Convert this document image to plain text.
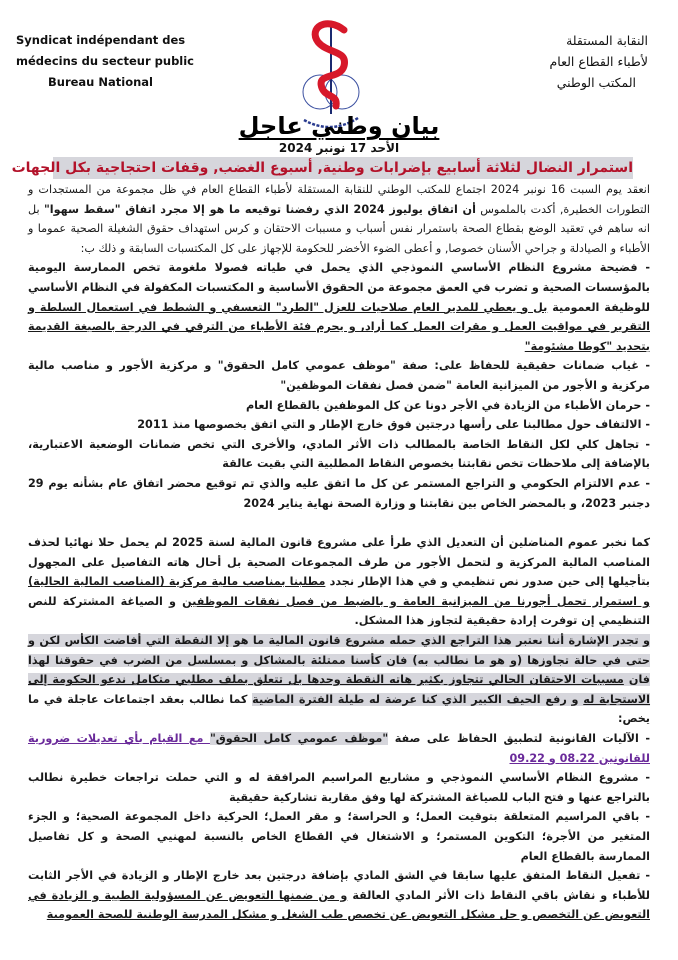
Syndicat indépendant des
médecins du secteur public
Bureau National
النقابة المستقلة
لأطباء القطاع العام
المكتب الوطني
بيان وطني عاجل
الأحد 17 نونبر 2024
استمرار النضال لثلاثة أسابيع بإضرابات وطنية, أسبوع الغضب, وقفات احتجاجية بكل الجهات

انعقد يوم السبت 16 نونبر 2024 اجتماع للمكتب الوطني للنقابة المستقلة لأطباء القطاع العام في ظل مجموعة من المستجدات و التطورات الخطيرة, أكدت بالملموس أن اتفاق يوليوز 2024 الذي رفضنا توقيعه ما هو إلا مجرد اتفاق "سقط سهوا" بل انه ساهم في تعقيد الوضع بقطاع الصحة باستمرار نفس أسباب و مسببات الاحتقان و كرس استهداف حقوق الشغيلة الصحية عموما و الأطباء و الصيادلة و جراحي الأسنان خصوصا, و أعطى الضوء الأخضر للحكومة للإجهاز على كل المكتسبات السابقة و ذلك ب:

- فضيحة مشروع النظام الأساسي النموذجي الذي يحمل في طياته فصولا ملغومة تخص الممارسة اليومية بالمؤسسات الصحية و تضرب في العمق مجموعة من الحقوق الأساسية و المكتسبات المكفولة في النظام الأساسي للوظيفة العمومية بل و يعطي للمدير العام صلاحيات للعزل "الطرد" التعسفي و الشطط في استعمال السلطة و التقرير في مواقيت العمل و مقرات العمل كما أراد, و يحرم فئة الأطباء من الترقي في الدرجة بالصيغة القديمة بتحديد "كوطا مشئومة"

- غياب ضمانات حقيقية للحفاظ على: صفة "موظف عمومي كامل الحقوق" و مركزية الأجور و مناصب مالية مركزية و الأجور من الميزانية العامة "ضمن فصل نفقات الموظفين"

- حرمان الأطباء من الزيادة في الأجر دونا عن كل الموظفين بالقطاع العام

- الالتفاف حول مطالبنا على رأسها درجتين فوق خارج الإطار و التي اتفق بخصوصها منذ 2011

- تجاهل كلي لكل النقاط الخاصة بالمطالب ذات الأثر المادي، والأخرى التي تخص ضمانات الوضعية الاعتبارية، بالإضافة إلى ملاحظات تخص نقابتنا بخصوص النقاط المطلبية التي بقيت عالقة

- عدم الالتزام الحكومي و التراجع المستمر عن كل ما اتفق عليه والذي تم توقيع محضر اتفاق عام بشأنه يوم 29 دجنبر 2023، و بالمحضر الخاص بين نقابتنا و وزارة الصحة نهاية يناير 2024

كما نخبر عموم المناضلين أن التعديل الذي طرأ على مشروع قانون المالية لسنة 2025 لم يحمل حلا نهائيا لحذف المناصب المالية المركزية و لتحمل الأجور من طرف المجموعات الصحية بل أحال هاته التفاصيل على المجهول بتأجيلها إلى حين صدور نص تنظيمي و في هذا الإطار نجدد مطلبنا بمناصب مالية مركزية (المناصب المالية الحالية) و استمرار تحمل أجورنا من الميزانية العامة و بالضبط من فصل نفقات الموظفين و الصياغة المشتركة للنص التنظيمي إن توفرت إرادة حقيقية لتجاوز هذا المشكل.

و تجدر الإشارة أننا نعتبر هذا التراجع الذي حمله مشروع قانون المالية ما هو إلا النقطة التي أفاضت الكأس لكن و حتى في حالة تجاوزها (و هو ما نطالب به) فان كأسنا ممتلئة بالمشاكل و بمسلسل من الضرب في حقوقنا لهذا فان مسببات الاحتقان الحالي تتجاوز بكثير هاته النقطة وحدها بل تتعلق بملف مطلبي متكامل ندعو الحكومة إلى الاستجابة له و رفع الحيف الكبير الذي كنا عرضة له طيلة الفترة الماضية كما نطالب بعقد اجتماعات عاجلة في ما يخص:

- الآليات القانونية لتطبيق الحفاظ على صفة "موظف عمومي كامل الحقوق" مع القيام بأي تعديلات ضرورية للقانونين 08.22 و 09.22

- مشروع النظام الأساسي النموذجي و مشاريع المراسيم المرافقة له و التي حملت تراجعات خطيرة نطالب بالتراجع عنها و فتح الباب للصياغة المشتركة لها وفق مقاربة تشاركية حقيقية

- باقي المراسيم المتعلقة بتوقيت العمل؛ و الحراسة؛ و مقر العمل؛ الحركية داخل المجموعة الصحية؛ و الجزء المتغير من الأجرة؛ التكوين المستمر؛ و الاشتغال في القطاع الخاص بالنسبة لمهنيي الصحة و كل تفاصيل الممارسة بالقطاع العام

- تفعيل النقاط المتفق عليها سابقا في الشق المادي بإضافة درجتين بعد خارج الإطار و الزيادة في الأجر الثابت للأطباء و نقاش باقي النقاط ذات الأثر المادي العالقة و من ضمنها التعويض عن المسؤولية الطبية و الزيادة في التعويض عن التخصص و حل مشكل التعويض عن تخصص طب الشغل و مشكل المدرسة الوطنية للصحة العمومية
